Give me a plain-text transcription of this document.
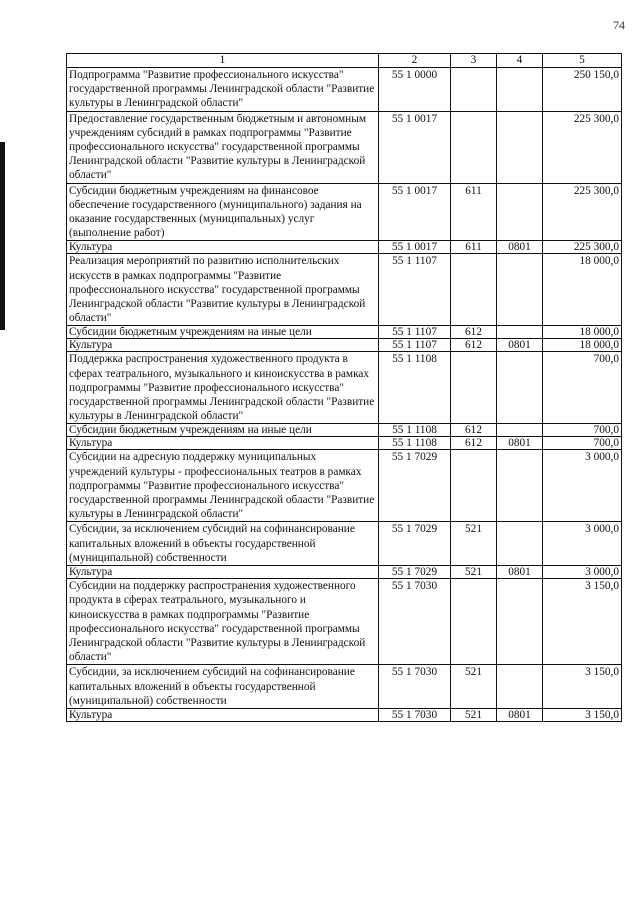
74
1	2	3	4	5
Подпрограмма "Развитие профессионального искусства" государственной программы Ленинградской области "Развитие культуры в Ленинградской области"	55 1 0000			250 150,0
Предоставление государственным бюджетным и автономным учреждениям субсидий в рамках подпрограммы "Развитие профессионального искусства" государственной программы Ленинградской области "Развитие культуры в Ленинградской области"	55 1 0017			225 300,0
Субсидии бюджетным учреждениям на финансовое обеспечение государственного (муниципального) задания на оказание государственных (муниципальных) услуг (выполнение работ)	55 1 0017	611		225 300,0
Культура	55 1 0017	611	0801	225 300,0
Реализация мероприятий по развитию исполнительских искусств в рамках подпрограммы "Развитие профессионального искусства" государственной программы Ленинградской области "Развитие культуры в Ленинградской области"	55 1 1107			18 000,0
Субсидии бюджетным учреждениям на иные цели	55 1 1107	612		18 000,0
Культура	55 1 1107	612	0801	18 000,0
Поддержка распространения художественного продукта в сферах театрального, музыкального и киноискусства в рамках подпрограммы "Развитие профессионального искусства" государственной программы Ленинградской области "Развитие культуры в Ленинградской области"	55 1 1108			700,0
Субсидии бюджетным учреждениям на иные цели	55 1 1108	612		700,0
Культура	55 1 1108	612	0801	700,0
Субсидии на адресную поддержку муниципальных учреждений культуры - профессиональных театров в рамках подпрограммы "Развитие профессионального искусства" государственной программы Ленинградской области "Развитие культуры в Ленинградской области"	55 1 7029			3 000,0
Субсидии, за исключением субсидий на софинансирование капитальных вложений в объекты государственной (муниципальной) собственности	55 1 7029	521		3 000,0
Культура	55 1 7029	521	0801	3 000,0
Субсидии на поддержку распространения художественного продукта в сферах театрального, музыкального и киноискусства в рамках подпрограммы "Развитие профессионального искусства" государственной программы Ленинградской области "Развитие культуры в Ленинградской области"	55 1 7030			3 150,0
Субсидии, за исключением субсидий на софинансирование капитальных вложений в объекты государственной (муниципальной) собственности	55 1 7030	521		3 150,0
Культура	55 1 7030	521	0801	3 150,0
